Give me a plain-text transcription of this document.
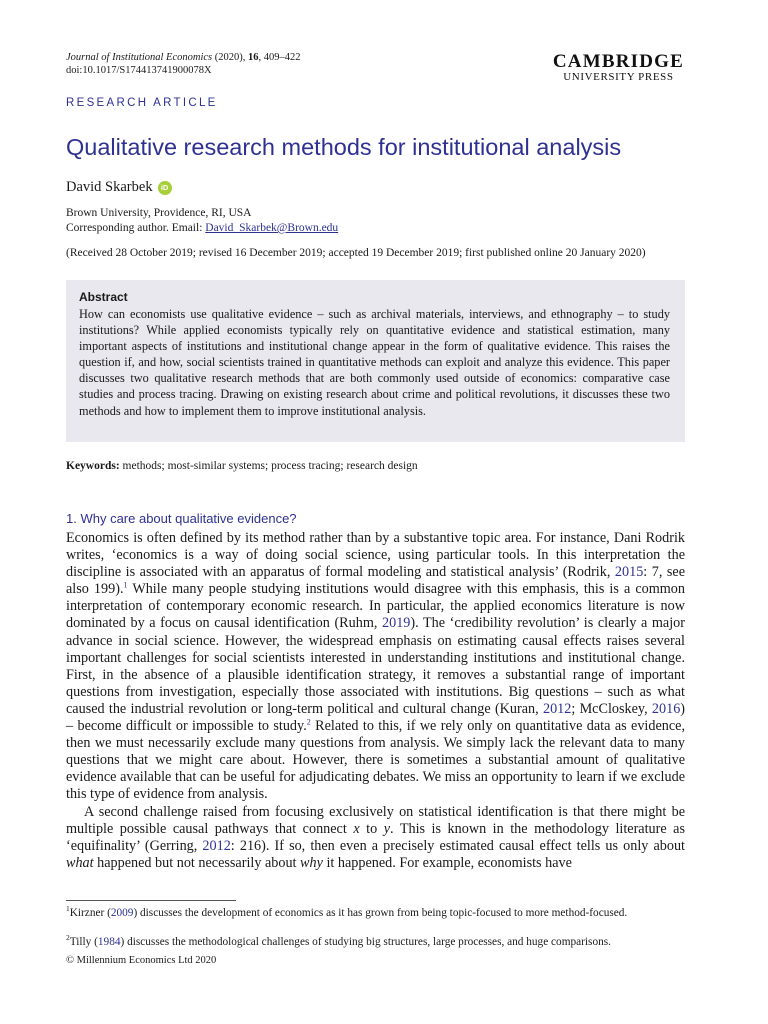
Journal of Institutional Economics (2020), 16, 409–422
doi:10.1017/S174413741900078X	CAMBRIDGE
UNIVERSITY PRESS
RESEARCH ARTICLE
Qualitative research methods for institutional analysis
David Skarbek	iD
Brown University, Providence, RI, USA
Corresponding author. Email: David_Skarbek@Brown.edu
(Received 28 October 2019; revised 16 December 2019; accepted 19 December 2019; first published online 20 January 2020)
Abstract
How can economists use qualitative evidence – such as archival materials, interviews, and ethnography – to study institutions? While applied economists typically rely on quantitative evidence and statistical estimation, many important aspects of institutions and institutional change appear in the form of qualitative evidence. This raises the question if, and how, social scientists trained in quantitative methods can exploit and analyze this evidence. This paper discusses two qualitative research methods that are both commonly used outside of economics: comparative case studies and process tracing. Drawing on existing research about crime and political revolutions, it discusses these two methods and how to implement them to improve institutional analysis.
Keywords: methods; most-similar systems; process tracing; research design
1. Why care about qualitative evidence?

Economics is often defined by its method rather than by a substantive topic area. For instance, Dani Rodrik writes, ‘economics is a way of doing social science, using particular tools. In this interpretation the discipline is associated with an apparatus of formal modeling and statistical analysis’ (Rodrik, 2015: 7, see also 199).$^1$ While many people studying institutions would disagree with this emphasis, this is a common interpretation of contemporary economic research. In particular, the applied economics literature is now dominated by a focus on causal identification (Ruhm, 2019). The ‘credibility revolution’ is clearly a major advance in social science. However, the widespread emphasis on estimating causal effects raises several important challenges for social scientists interested in understanding institutions and institutional change. First, in the absence of a plausible identification strategy, it removes a substantial range of important questions from investigation, especially those associated with institutions. Big questions – such as what caused the industrial revolution or long-term political and cultural change (Kuran, 2012; McCloskey, 2016) – become difficult or impossible to study.$^2$ Related to this, if we rely only on quantitative data as evidence, then we must necessarily exclude many questions from analysis. We simply lack the relevant data to many questions that we might care about. However, there is sometimes a substantial amount of qualitative evidence available that can be useful for adjudicating debates. We miss an opportunity to learn if we exclude this type of evidence from analysis.

A second challenge raised from focusing exclusively on statistical identification is that there might be multiple possible causal pathways that connect x to y. This is known in the methodology literature as ‘equifinality’ (Gerring, 2012: 216). If so, then even a precisely estimated causal effect tells us only about what happened but not necessarily about why it happened. For example, economists have

$^1$Kirzner (2009) discusses the development of economics as it has grown from being topic-focused to more method-focused.
$^2$Tilly (1984) discusses the methodological challenges of studying big structures, large processes, and huge comparisons.
© Millennium Economics Ltd 2020
